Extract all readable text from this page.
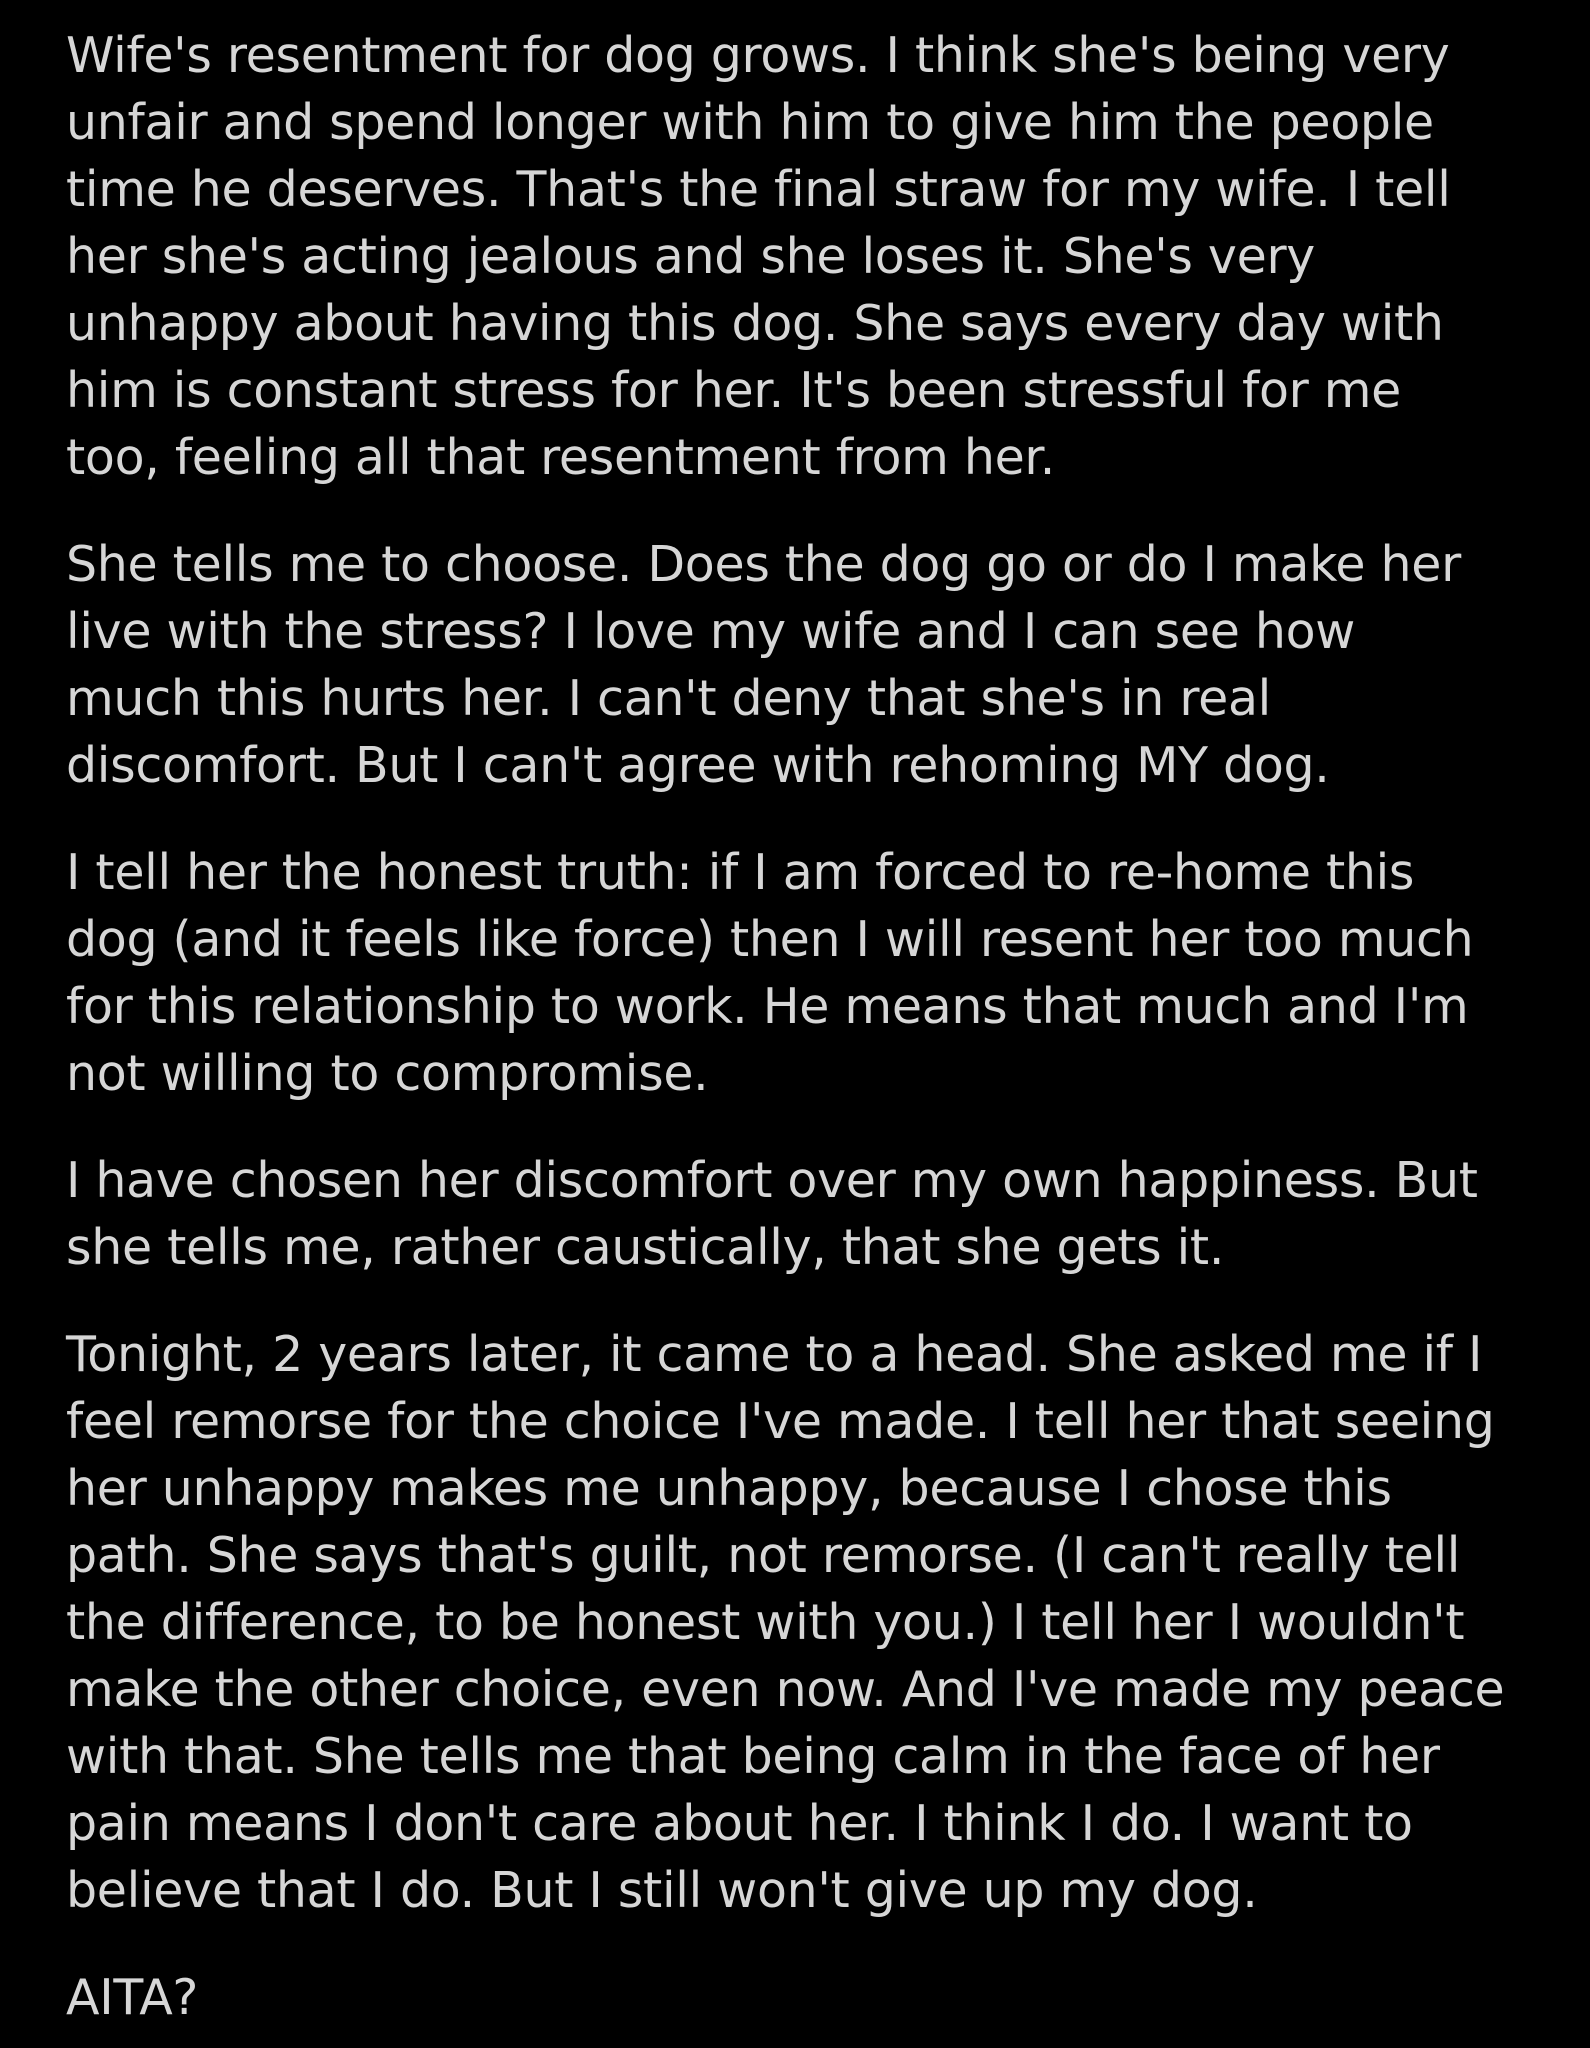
Wife's resentment for dog grows. I think she's being very
unfair and spend longer with him to give him the people
time he deserves. That's the final straw for my wife. I tell
her she's acting jealous and she loses it. She's very
unhappy about having this dog. She says every day with
him is constant stress for her. It's been stressful for me
too, feeling all that resentment from her.

She tells me to choose. Does the dog go or do I make her
live with the stress? I love my wife and I can see how
much this hurts her. I can't deny that she's in real
discomfort. But I can't agree with rehoming MY dog.

I tell her the honest truth: if I am forced to re-home this
dog (and it feels like force) then I will resent her too much
for this relationship to work. He means that much and I'm
not willing to compromise.

I have chosen her discomfort over my own happiness. But
she tells me, rather caustically, that she gets it.

Tonight, 2 years later, it came to a head. She asked me if I
feel remorse for the choice I've made. I tell her that seeing
her unhappy makes me unhappy, because I chose this
path. She says that's guilt, not remorse. (I can't really tell
the difference, to be honest with you.) I tell her I wouldn't
make the other choice, even now. And I've made my peace
with that. She tells me that being calm in the face of her
pain means I don't care about her. I think I do. I want to
believe that I do. But I still won't give up my dog.

AITA?
